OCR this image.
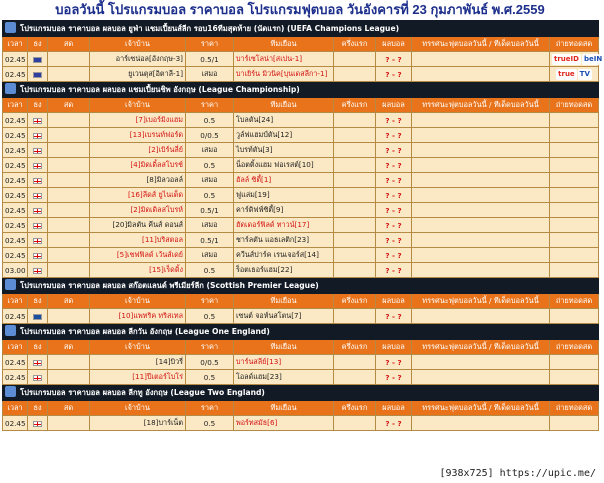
บอลวันนี้ โปรแกรมบอล ราคาบอล โปรแกรมฟุตบอล วันอังคารที่ 23 กุมภาพันธ์ พ.ศ.2559
โปรแกรมบอล ราคาบอล ผลบอล ยูฟ่า แชมเปี้ยนส์ลีก รอบ16ทีมสุดท้าย (นัดแรก) (UEFA Champions League)									
เวลา	ธง	สด	เจ้าบ้าน	ราคา	ทีมเยือน	ครึ่งแรก	ผลบอล	ทรรศนะฟุตบอลวันนี้ / ทีเด็ดบอลวันนี้	ถ่ายทอดสด
02.45			อาร์เซน่อล[อังกฤษ-3]	0.5/1	บาร์เซโลน่า[สเปน-1]		? - ?		trueID beIN
02.45			ยูเวนตุส[อิตาลี-1]	เสมอ	บาเยิร์น มิวนิค[บุนเดสลีกา-1]		? - ?		true TV
โปรแกรมบอล ราคาบอล ผลบอล แชมเปี้ยนชิพ อังกฤษ (League Championship)									
เวลา	ธง	สด	เจ้าบ้าน	ราคา	ทีมเยือน	ครึ่งแรก	ผลบอล	ทรรศนะฟุตบอลวันนี้ / ทีเด็ดบอลวันนี้	ถ่ายทอดสด
02.45			[7]เบอร์มิงแฮม	0.5	โบลตัน[24]		? - ?		
02.45			[13]เบรนท์ฟอร์ด	0/0.5	วูล์ฟแฮมป์ตัน[12]		? - ?		
02.45			[2]เบิร์นลี่ย์	เสมอ	ไบรท์ตัน[3]		? - ?		
02.45			[4]มิดเดิ้ลสโบรช์	0.5	น็อตติ้งแฮม ฟอเรสต์[10]		? - ?		
02.45			[8]มิลวอลล์	เสมอ	ฮัลล์ ซิตี้[1]		? - ?		
02.45			[16]ลีดส์ ยูไนเต็ด	0.5	ฟูแล่ม[19]		? - ?		
02.45			[2]มิดเดิลสโบรห์	0.5/1	คาร์ดิฟฟ์ซิตี้[9]		? - ?		
02.45			[20]มิลตัน คีนส์ ดอนส์	เสมอ	ฮัดเดอร์ฟิลด์ ทาวน์[17]		? - ?		
02.45			[11]บริสตอล	0.5/1	ชาร์ลตัน แอธเลติก[23]		? - ?		
02.45			[5]เชฟฟิลด์ เว้นส์เดย์	เสมอ	ควีนส์ปาร์ค เรนเจอร์ส[14]		? - ?		
03.00			[15]เร็ดดิ้ง	0.5	ร็อตเธอร์แฮม[22]		? - ?		
โปรแกรมบอล ราคาบอล ผลบอล สก๊อตแลนด์ พรีเมียร์ลีก (Scottish Premier League)									
เวลา	ธง	สด	เจ้าบ้าน	ราคา	ทีมเยือน	ครึ่งแรก	ผลบอล	ทรรศนะฟุตบอลวันนี้ / ทีเด็ดบอลวันนี้	ถ่ายทอดสด
02.45			[10]แพทริค ทริสเทล	0.5	เซนต์ จอห์นสโตน[7]		? - ?		
โปรแกรมบอล ราคาบอล ผลบอล ลีกวัน อังกฤษ (League One England)									
เวลา	ธง	สด	เจ้าบ้าน	ราคา	ทีมเยือน	ครึ่งแรก	ผลบอล	ทรรศนะฟุตบอลวันนี้ / ทีเด็ดบอลวันนี้	ถ่ายทอดสด
02.45			[14]บิวรี่	0/0.5	บาร์นสลีย์[13]		? - ?		
02.45			[11]ปีเตอร์โบโร่	0.5	โอลด์แฮม[23]		? - ?		
โปรแกรมบอล ราคาบอล ผลบอล ลีกทู อังกฤษ (League Two England)									
เวลา	ธง	สด	เจ้าบ้าน	ราคา	ทีมเยือน	ครึ่งแรก	ผลบอล	ทรรศนะฟุตบอลวันนี้ / ทีเด็ดบอลวันนี้	ถ่ายทอดสด
02.45			[18]บาร์เน็ต	0.5	พอร์ทสมัธ[6]		? - ?		
[938x725] https://upic.me/
